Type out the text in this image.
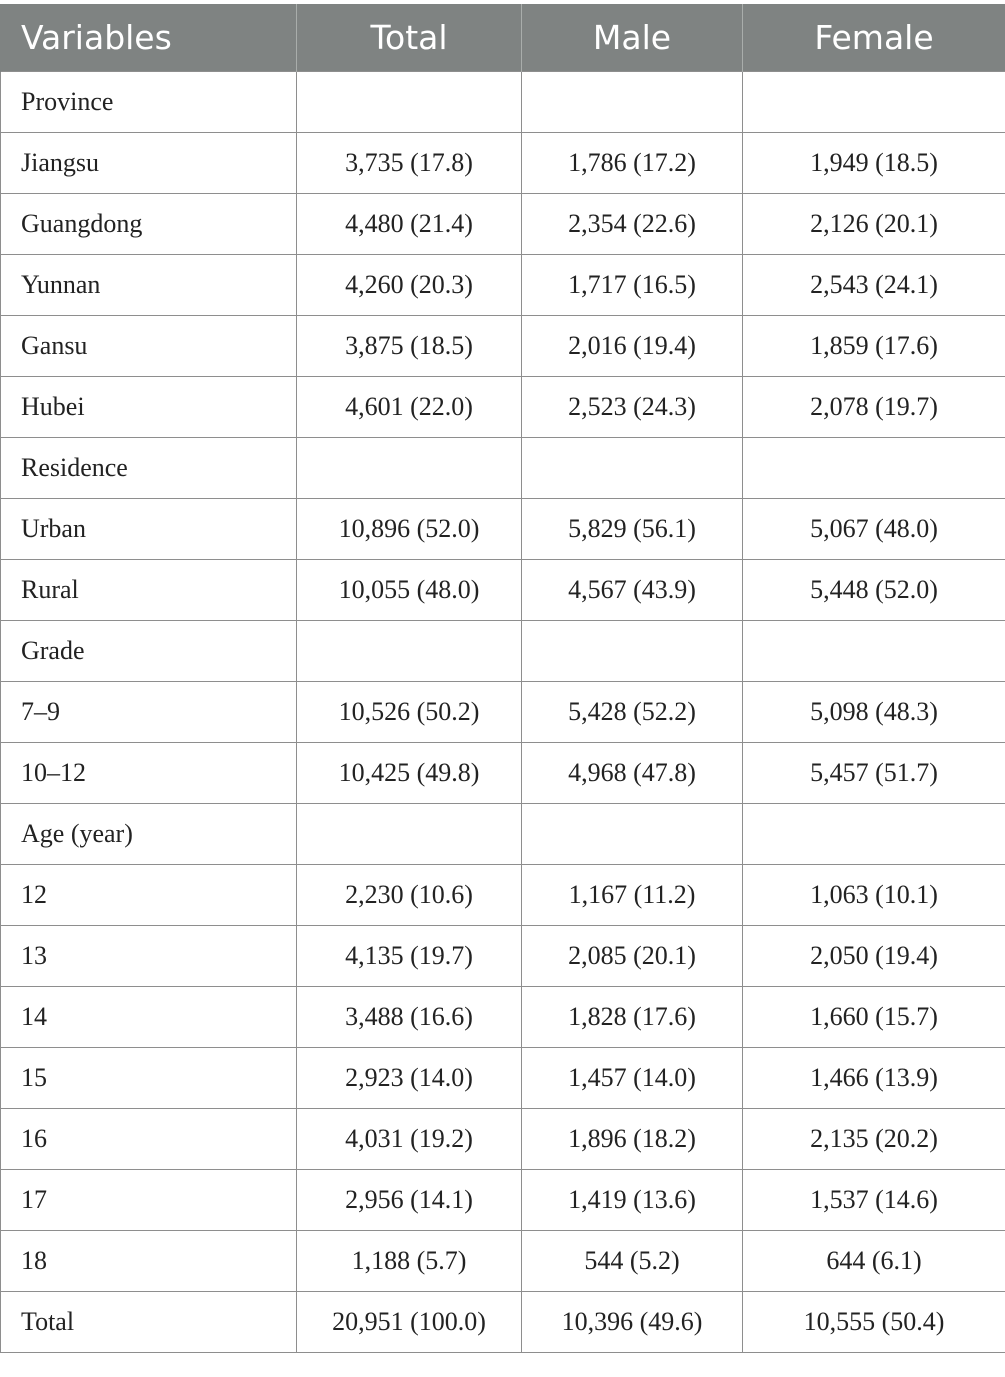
Variables	Total	Male	Female
Province			
Jiangsu	3,735 (17.8)	1,786 (17.2)	1,949 (18.5)
Guangdong	4,480 (21.4)	2,354 (22.6)	2,126 (20.1)
Yunnan	4,260 (20.3)	1,717 (16.5)	2,543 (24.1)
Gansu	3,875 (18.5)	2,016 (19.4)	1,859 (17.6)
Hubei	4,601 (22.0)	2,523 (24.3)	2,078 (19.7)
Residence			
Urban	10,896 (52.0)	5,829 (56.1)	5,067 (48.0)
Rural	10,055 (48.0)	4,567 (43.9)	5,448 (52.0)
Grade			
7–9	10,526 (50.2)	5,428 (52.2)	5,098 (48.3)
10–12	10,425 (49.8)	4,968 (47.8)	5,457 (51.7)
Age (year)			
12	2,230 (10.6)	1,167 (11.2)	1,063 (10.1)
13	4,135 (19.7)	2,085 (20.1)	2,050 (19.4)
14	3,488 (16.6)	1,828 (17.6)	1,660 (15.7)
15	2,923 (14.0)	1,457 (14.0)	1,466 (13.9)
16	4,031 (19.2)	1,896 (18.2)	2,135 (20.2)
17	2,956 (14.1)	1,419 (13.6)	1,537 (14.6)
18	1,188 (5.7)	544 (5.2)	644 (6.1)
Total	20,951 (100.0)	10,396 (49.6)	10,555 (50.4)
